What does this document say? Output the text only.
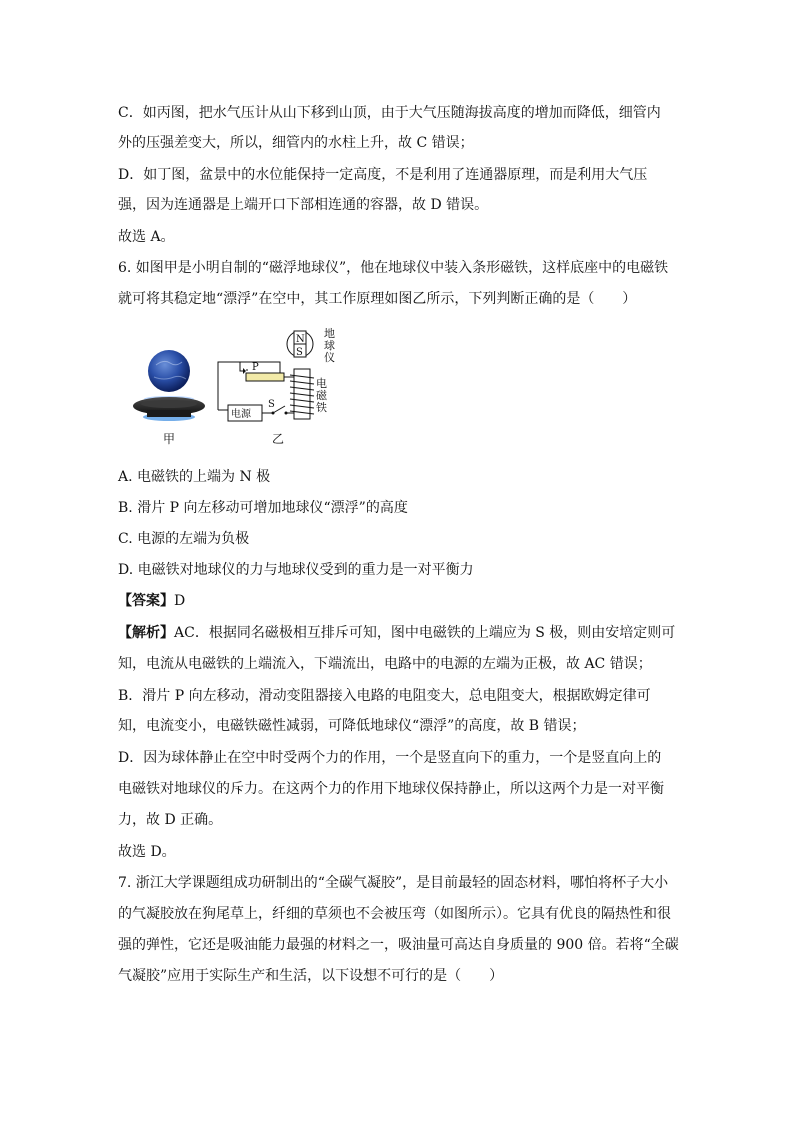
C．如丙图，把水气压计从山下移到山顶，由于大气压随海拔高度的增加而降低，细管内
外的压强差变大，所以，细管内的水柱上升，故 C 错误；
D．如丁图，盆景中的水位能保持一定高度，不是利用了连通器原理，而是利用大气压
强，因为连通器是上端开口下部相连通的容器，故 D 错误。
故选 A。
6. 如图甲是小明自制的“磁浮地球仪”，他在地球仪中装入条形磁铁，这样底座中的电磁铁
就可将其稳定地“漂浮”在空中，其工作原理如图乙所示，下列判断正确的是（　　）
甲
N
S
地
球
仪
P
电
磁
铁
电源
S
乙
A. 电磁铁的上端为 N 极
B. 滑片 P 向左移动可增加地球仪“漂浮”的高度
C. 电源的左端为负极
D. 电磁铁对地球仪的力与地球仪受到的重力是一对平衡力
【答案】D
【解析】AC．根据同名磁极相互排斥可知，图中电磁铁的上端应为 S 极，则由安培定则可
知，电流从电磁铁的上端流入，下端流出，电路中的电源的左端为正极，故 AC 错误；
B．滑片 P 向左移动，滑动变阻器接入电路的电阻变大，总电阻变大，根据欧姆定律可
知，电流变小，电磁铁磁性减弱，可降低地球仪“漂浮”的高度，故 B 错误；
D．因为球体静止在空中时受两个力的作用，一个是竖直向下的重力，一个是竖直向上的
电磁铁对地球仪的斥力。在这两个力的作用下地球仪保持静止，所以这两个力是一对平衡
力，故 D 正确。
故选 D。
7. 浙江大学课题组成功研制出的“全碳气凝胶”，是目前最轻的固态材料，哪怕将杯子大小
的气凝胶放在狗尾草上，纤细的草须也不会被压弯（如图所示）。它具有优良的隔热性和很
强的弹性，它还是吸油能力最强的材料之一，吸油量可高达自身质量的 900 倍。若将“全碳
气凝胶”应用于实际生产和生活，以下设想不可行的是（　　）
